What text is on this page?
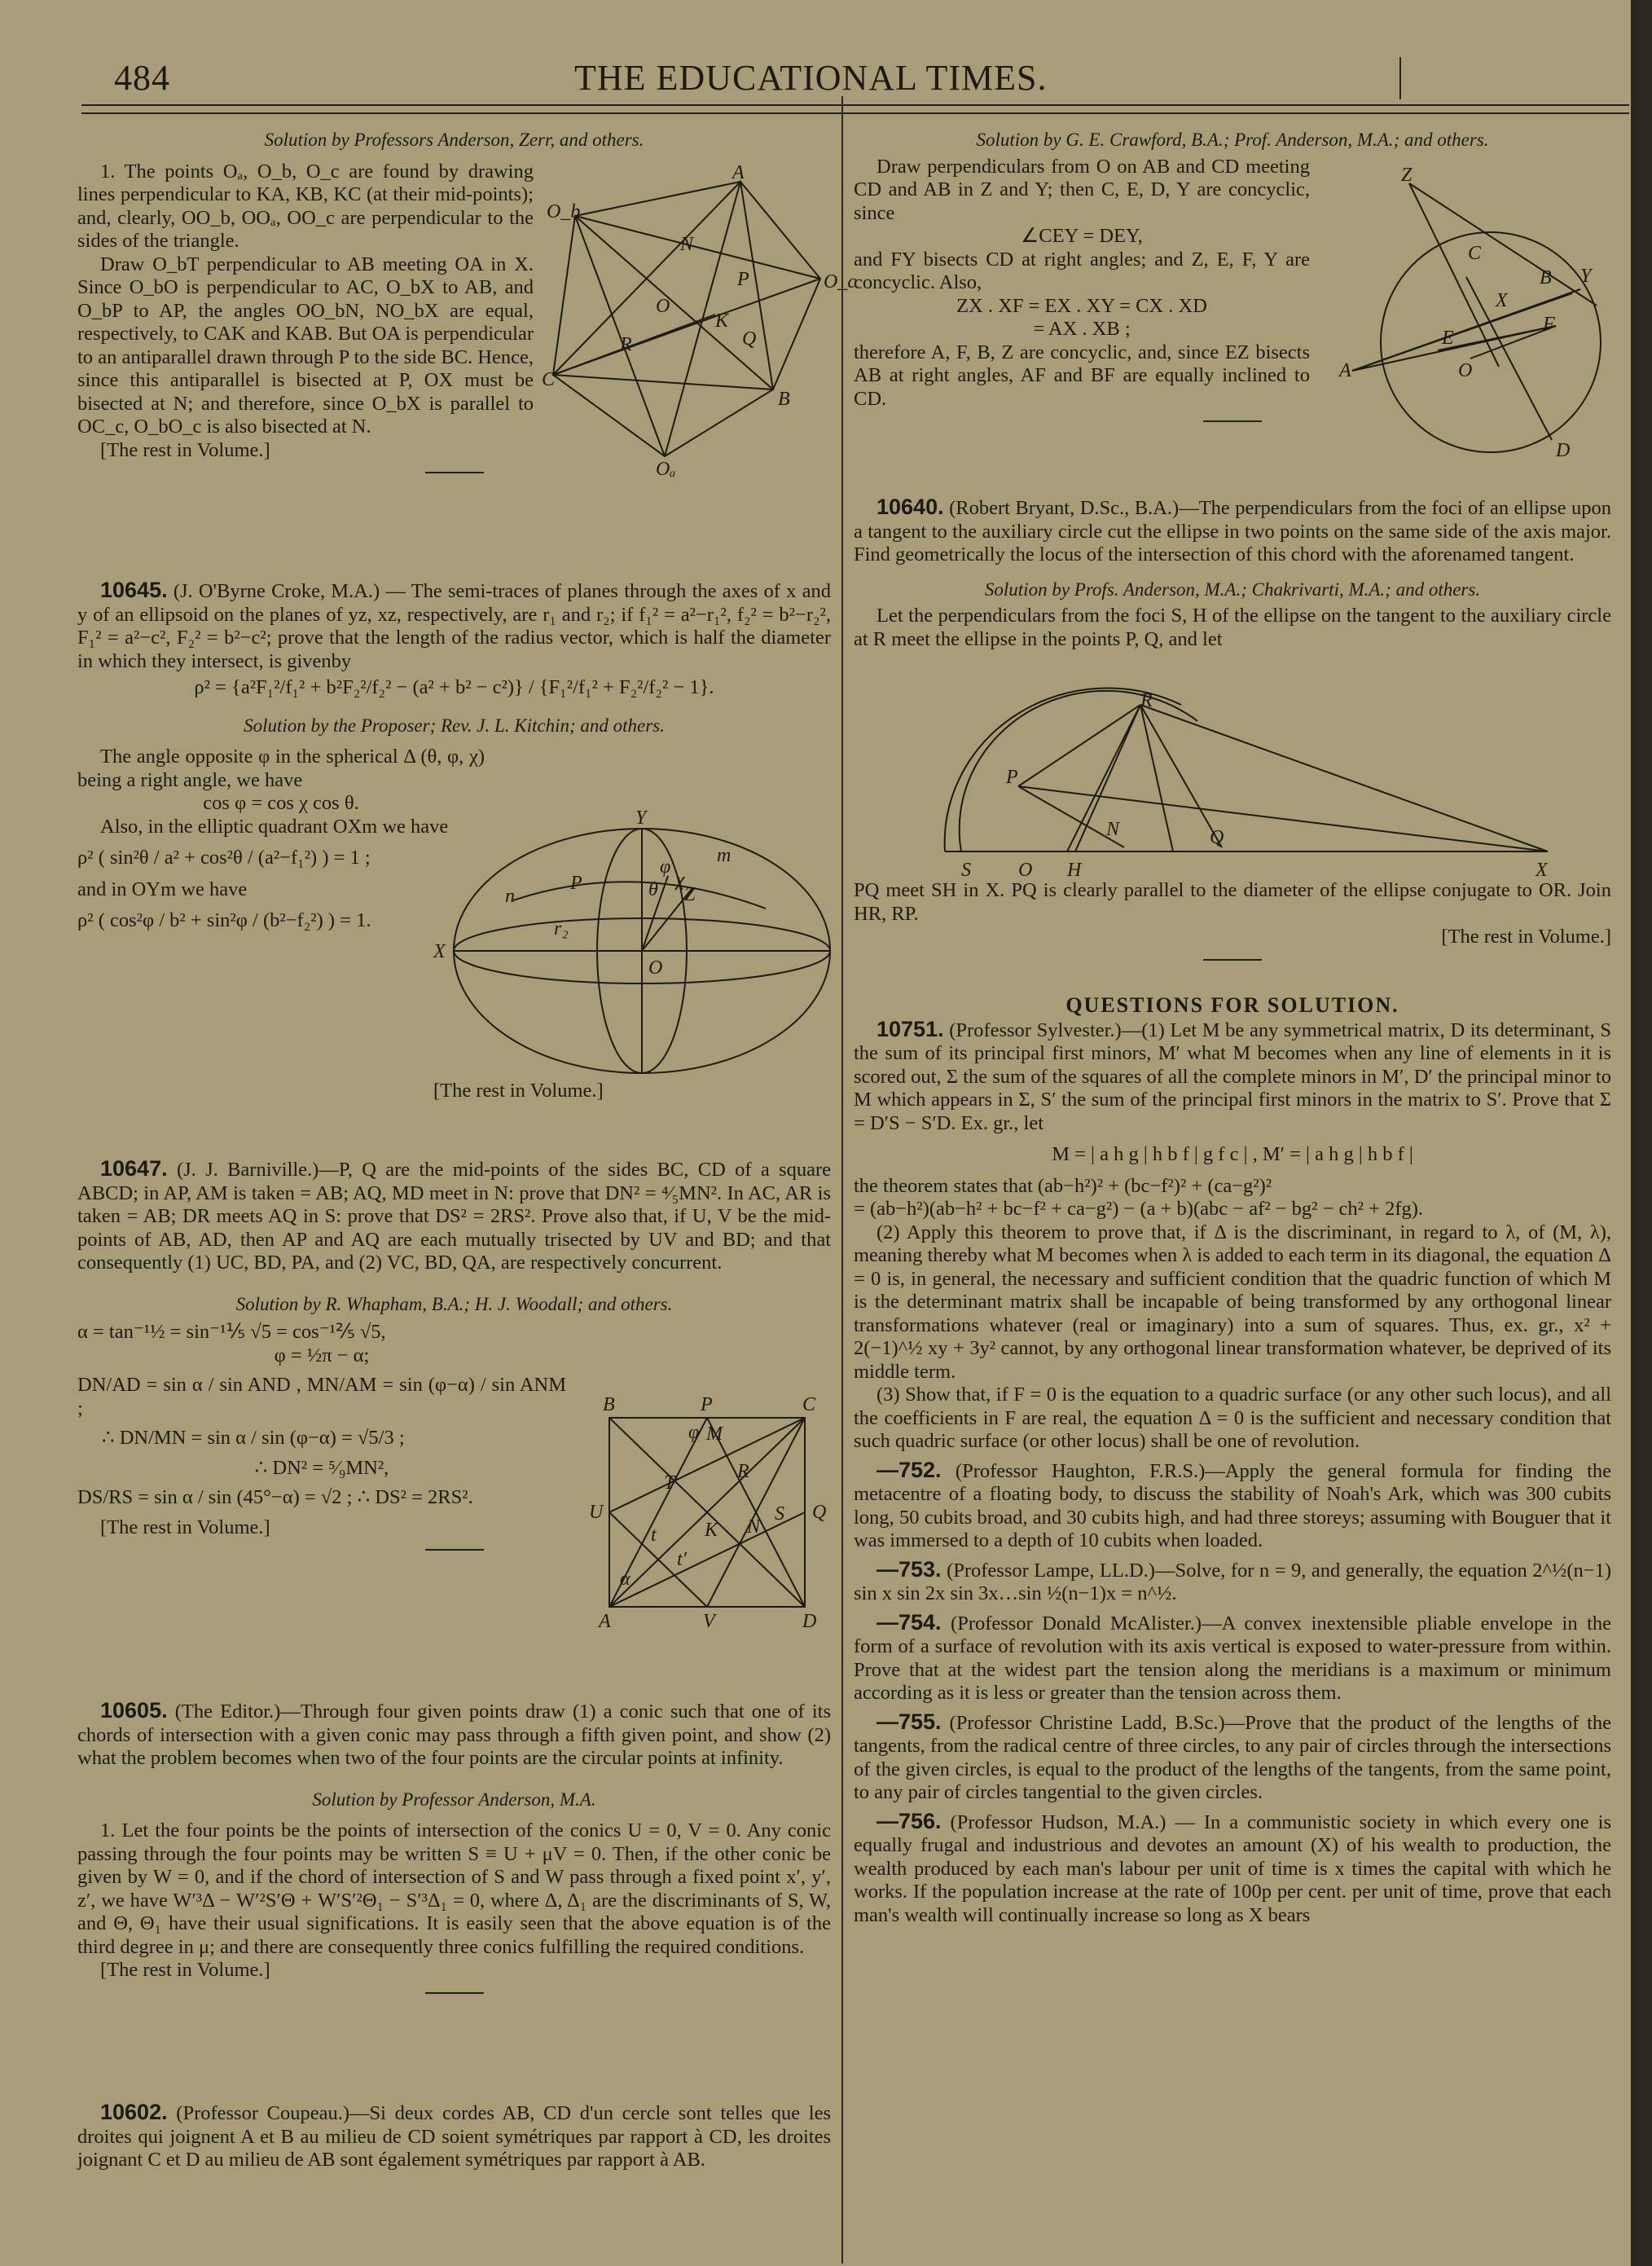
484	THE EDUCATIONAL TIMES.
Solution by Professors Anderson, Zerr, and others.

1. The points Oₐ, O_b, O_c are found by drawing lines perpendicular to KA, KB, KC (at their mid-points); and, clearly, OO_b, OOₐ, OO_c are perpendicular to the sides of the triangle.

Draw O_bT perpendicular to AB meeting OA in X. Since O_bO is perpendicular to AC, O_bX to AB, and O_bP to AP, the angles OO_bN, NO_bX are equal, respectively, to CAK and KAB. But OA is perpendicular to an antiparallel drawn through P to the side BC. Hence, since this antiparallel is bisected at P, OX must be bisected at N; and therefore, since O_bX is parallel to OC_c, O_bO_c is also bisected at N.

[The rest in Volume.]

A
O_b
O_c
C
B
Oₐ
N
P
O
K
Q
R

10645. (J. O'Byrne Croke, M.A.) — The semi-traces of planes through the axes of x and y of an ellipsoid on the planes of yz, xz, respectively, are r₁ and r₂; if f₁² = a²−r₁², f₂² = b²−r₂², F₁² = a²−c², F₂² = b²−c²; prove that the length of the radius vector, which is half the diameter in which they intersect, is givenby

ρ² = {a²F₁²/f₁² + b²F₂²/f₂² − (a² + b² − c²)} / {F₁²/f₁² + F₂²/f₂² − 1}.
Solution by the Proposer; Rev. J. L. Kitchin; and others.

The angle opposite φ in the spherical Δ (θ, φ, χ) being a right angle, we have

cos φ = cos χ cos θ.

Also, in the elliptic quadrant OXm we have

ρ² ( sin²θ / a² + cos²θ / (a²−f₁²) ) = 1 ;

and in OYm we have

ρ² ( cos²φ / b² + sin²φ / (b²−f₂²) ) = 1.
[The rest in Volume.]
Y
X
O
m
n
P
Z
r₂
θ
φ
χ

10647. (J. J. Barniville.)—P, Q are the mid-points of the sides BC, CD of a square ABCD; in AP, AM is taken = AB; AQ, MD meet in N: prove that DN² = ⁴⁄₅MN². In AC, AR is taken = AB; DR meets AQ in S: prove that DS² = 2RS². Prove also that, if U, V be the mid-points of AB, AD, then AP and AQ are each mutually trisected by UV and BD; and that consequently (1) UC, BD, PA, and (2) VC, BD, QA, are respectively concurrent.

Solution by R. Whapham, B.A.; H. J. Woodall; and others.
α = tan⁻¹½ = sin⁻¹⅕ √5 = cos⁻¹⅖ √5,
φ = ½π − α;
DN/AD = sin α / sin AND , MN/AM = sin (φ−α) / sin ANM ;
∴ DN/MN = sin α / sin (φ−α) = √5/3 ;
∴ DN² = ⁵⁄₉MN²,
DS/RS = sin α / sin (45°−α) = √2 ; ∴ DS² = 2RS².

[The rest in Volume.]

B	P	C
U	Q
A	V	D
M
R
T
K N
S
α
t
t′
φ

10605. (The Editor.)—Through four given points draw (1) a conic such that one of its chords of intersection with a given conic may pass through a fifth given point, and show (2) what the problem becomes when two of the four points are the circular points at infinity.

Solution by Professor Anderson, M.A.

1. Let the four points be the points of intersection of the conics U = 0, V = 0. Any conic passing through the four points may be written S ≡ U + μV = 0. Then, if the other conic be given by W = 0, and if the chord of intersection of S and W pass through a fixed point x′, y′, z′, we have W′³Δ − W′²S′Θ + W′S′²Θ₁ − S′³Δ₁ = 0, where Δ, Δ₁ are the discriminants of S, W, and Θ, Θ₁ have their usual significations. It is easily seen that the above equation is of the third degree in μ; and there are consequently three conics fulfilling the required conditions.

[The rest in Volume.]

10602. (Professor Coupeau.)—Si deux cordes AB, CD d'un cercle sont telles que les droites qui joignent A et B au milieu de CD soient symétriques par rapport à CD, les droites joignant C et D au milieu de AB sont également symétriques par rapport à AB.

Solution by G. E. Crawford, B.A.; Prof. Anderson, M.A.; and others.

Draw perpendiculars from O on AB and CD meeting CD and AB in Z and Y; then C, E, D, Y are concyclic, since

∠CEY = DEY,

and FY bisects CD at right angles; and Z, E, F, Y are concyclic. Also,

ZX . XF = EX . XY = CX . XD
= AX . XB ;

therefore A, F, B, Z are concyclic, and, since EZ bisects AB at right angles, AF and BF are equally inclined to CD.

Z
C
B Y
X
F
E
A	O
D

10640. (Robert Bryant, D.Sc., B.A.)—The perpendiculars from the foci of an ellipse upon a tangent to the auxiliary circle cut the ellipse in two points on the same side of the axis major. Find geometrically the locus of the intersection of this chord with the aforenamed tangent.

Solution by Profs. Anderson, M.A.; Chakrivarti, M.A.; and others.

Let the perpendiculars from the foci S, H of the ellipse on the tangent to the auxiliary circle at R meet the ellipse in the points P, Q, and let

PQ meet SH in X. PQ is clearly parallel to the diameter of the ellipse conjugate to OR. Join HR, RP.

[The rest in Volume.]
R
P
N	Q
S O H	X
QUESTIONS FOR SOLUTION.

10751. (Professor Sylvester.)—(1) Let M be any symmetrical matrix, D its determinant, S the sum of its principal first minors, M′ what M becomes when any line of elements in it is scored out, Σ the sum of the squares of all the complete minors in M′, D′ the principal minor to M which appears in Σ, S′ the sum of the principal first minors in the matrix to S′. Prove that Σ = D′S − S′D. Ex. gr., let

M = | a h g | h b f | g f c | , M′ = | a h g | h b f |

the theorem states that (ab−h²)² + (bc−f²)² + (ca−g²)²

= (ab−h²)(ab−h² + bc−f² + ca−g²) − (a + b)(abc − af² − bg² − ch² + 2fg).

(2) Apply this theorem to prove that, if Δ is the discriminant, in regard to λ, of (M, λ), meaning thereby what M becomes when λ is added to each term in its diagonal, the equation Δ = 0 is, in general, the necessary and sufficient condition that the quadric function of which M is the determinant matrix shall be incapable of being transformed by any orthogonal linear transformations whatever (real or imaginary) into a sum of squares. Thus, ex. gr., x² + 2(−1)^½ xy + 3y² cannot, by any orthogonal linear transformation whatever, be deprived of its middle term.

(3) Show that, if F = 0 is the equation to a quadric surface (or any other such locus), and all the coefficients in F are real, the equation Δ = 0 is the sufficient and necessary condition that such quadric surface (or other locus) shall be one of revolution.

—752. (Professor Haughton, F.R.S.)—Apply the general formula for finding the metacentre of a floating body, to discuss the stability of Noah's Ark, which was 300 cubits long, 50 cubits broad, and 30 cubits high, and had three storeys; assuming with Bouguer that it was immersed to a depth of 10 cubits when loaded.

—753. (Professor Lampe, LL.D.)—Solve, for n = 9, and generally, the equation 2^½(n−1) sin x sin 2x sin 3x…sin ½(n−1)x = n^½.

—754. (Professor Donald McAlister.)—A convex inextensible pliable envelope in the form of a surface of revolution with its axis vertical is exposed to water-pressure from within. Prove that at the widest part the tension along the meridians is a maximum or minimum according as it is less or greater than the tension across them.

—755. (Professor Christine Ladd, B.Sc.)—Prove that the product of the lengths of the tangents, from the radical centre of three circles, to any pair of circles through the intersections of the given circles, is equal to the product of the lengths of the tangents, from the same point, to any pair of circles tangential to the given circles.

—756. (Professor Hudson, M.A.) — In a communistic society in which every one is equally frugal and industrious and devotes an amount (X) of his wealth to production, the wealth produced by each man's labour per unit of time is x times the capital with which he works. If the population increase at the rate of 100p per cent. per unit of time, prove that each man's wealth will continually increase so long as X bears
